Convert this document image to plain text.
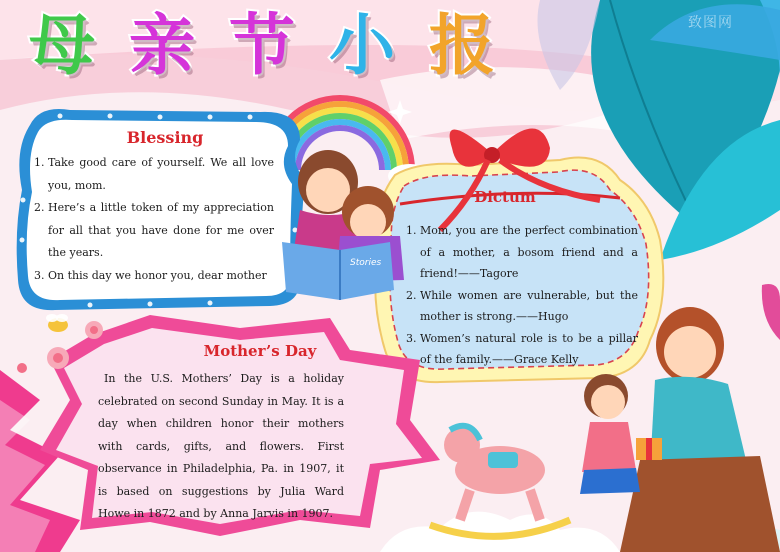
母 亲 节 小 报
Blessing
1. Take good care of yourself. We all love you, mom.
2. Here’s a little token of my appreciation for all that you have done for me over the years.
3. On this day we honor you, dear mother
Dictum
1. Mom, you are the perfect combination of a mother, a bosom friend and a friend!——Tagore
2. While women are vulnerable, but the mother is strong.——Hugo
3. Women’s natural role is to be a pillar of the family.——Grace Kelly
Mother’s Day
In the U.S. Mothers’ Day is a holiday celebrated on second Sunday in May. It is a day when children honor their mothers with cards, gifts, and flowers. First observance in Philadelphia, Pa. in 1907, it is based on suggestions by Julia Ward Howe in 1872 and by Anna Jarvis in 1907.
Stories
致图网
